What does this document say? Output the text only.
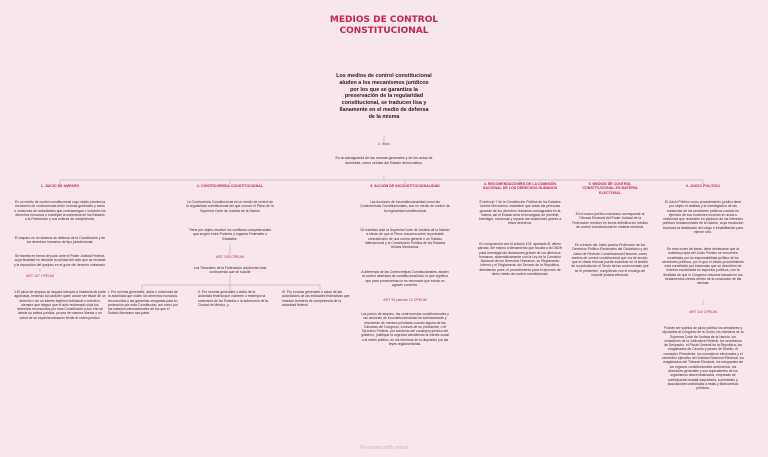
MEDIOS DE CONTROL CONSTITUCIONAL
Los medios de control constitucional aluden a los mecanismos jurídicos por los que se garantiza la preservación de la regularidad constitucional, se traducen lisa y llanamente en el medio de defensa de la misma
2. Inicio
En la salvaguarda de las normas generales y de los actos de autoridad, como células del Estado democrático.
1. JUICIO DE AMPARO	2. CONTROVERSIA CONSTITUCIONAL	3. ACCIÓN DE INCONSTITUCIONALIDAD	4. RECOMENDACIONES DE LA COMISIÓN NACIONAL DE LOS DERECHOS HUMANOS
5. MEDIOS DE CONTROL CONSTITUCIONAL EN MATERIA ELECTORAL
6. JUICIO POLITICO
Es un medio de control constitucional cuyo objeto plantea la resolución de controversias entre normas generales y actos u omisiones de autoridades que contravengan o vulneren los derechos humanos o restrinjan la soberanía de los Estados o la Federación y sus esferas de competencia.
El amparo es un sistema de defensa de la Constitución y de los derechos humanos de tipo jurisdiccional.
Se tramita en forma de juicio ante el Poder Judicial Federal, cuya finalidad es declarar la nulidad del acto que se reclama y la reposición del quejoso en el goce del derecho vulnerado.
ART 107 CPEUM
1.El juicio de amparo se seguirá siempre a instancia de parte agraviada, teniendo tal carácter quien aduce ser titular de un derecho o de un interés legítimo individual o colectivo, siempre que alegue que el acto reclamado viola los derechos reconocidos por esta Constitución y con ello se afecte su esfera jurídica, ya sea de manera directa o en virtud de su especial situación frente al orden jurídico.
La Controversia Constitucional es un medio de control de la regularidad constitucional del que conoce el Pleno de la Suprema Corte de Justicia de la Nación
Tiene por objeto resolver los conflictos competenciales que surgen entre Poderes y órganos Federales o Estatales.
ART 105 CPEUM
Los Tribunales de la Federación resolverán toda controversia que se suscite
I. Por normas generales, actos u omisiones de la autoridad que violen los derechos humanos reconocidos y las garantías otorgadas para su protección por esta Constitución, así como por los tratados internacionales de los que el Estado Mexicano sea parte.
II. Por normas generales o actos de la autoridad federal que vulneren o restrinjan la soberanía de los Estados o la autonomía de la Ciudad de México, y
III. Por normas generales o actos de las autoridades de las entidades federativas que invadan la esfera de competencia de la autoridad federal.
Las Acciones de Inconstitucionalidad como las Controversias Constitucionales, son un medio de control de la regularidad constitucional
Se tramitan ante la Suprema Corte de Justicia de la Nación a efecto de que el Pleno resuelva sobre la probable contradicción de una norma general o un Tratado Internacional y la Constitución Política de los Estados Unidos Mexicanos.
A diferencia de las Controversias Constitucionales, aluden al control abstracto de constitucionalidad, lo que significa que para promoverlas no es necesario que exista un agravio concreto.
ART 94 párrafo 10 CPEUM
Los juicios de amparo, las controversias constitucionales y las acciones de inconstitucionalidad se substanciarán y resolverán de manera prioritaria cuando alguna de las Cámaras del Congreso, a través de su presidente, o el Ejecutivo Federal, por conducto del consejero jurídico del gobierno, justifique la urgencia atendiendo al interés social o al orden público, en los términos de lo dispuesto por las leyes reglamentarias.
El artículo 7 de la Constitución Política de los Estados Unidos Mexicanos, establece que todas las personas gozarán de los derechos humanos consagrados en la misma, así el Estado será el encargado de prevenir, investigar, sancionar y reparar las violaciones graves a estos derechos.
En congruencia con el artículo 102, apartado B, último párrafo, del mismo ordenamiento que faculta a la CNDH para investigar las violaciones graves de los derechos humanos, sistemáticamente con la Ley de la Comisión Nacional de los Derechos Humanos, su Reglamento Interno y el Reglamento del Senado de la República, atendiendo pues, el procedimiento para el ejercicio de dicho medio de control constitucional.
En el marco jurídico mexicano corresponde al Tribunal Electoral del Poder Judicial de la Federación resolver en forma definitiva los medios de control constitucional en materia electoral.
Es a través del Juicio para la Protección de los Derechos Político-Electorales del Ciudadano y del Juicio de Revisión Constitucional Electoral, como medios de control constitucional que vía de acción, que el citado tribunal puede examinar en el ámbito de su jurisdicción el Tercio de las controversias que se le presenten, cumpliendo con el encargo de impartir justicia electoral.
El Juicio Político como procedimiento jurídico tiene por objeto el análisis y la investigación de las conductas de los servidores públicos cuando en ejercicio de sus funciones incurran en actos u omisiones que redunden en perjuicio de los intereses públicos fundamentales de la Nación, cuya resolución involucra la destitución del cargo e inhabilitación para ejercer otro.
En este orden de ideas, debe destacarse que la materia propia del Juicio Político se encuentra constituida por la responsabilidad política de los servidores públicos, por lo que el citado procedimiento está constituido por instancias que se describen de manera escalonada es aspectos políticos, con la finalidad de que el Congreso resuelva basado en los fundamentos ciertos dentro de la conclusión de las mismas.
ART 110 CPEUM
Podrán ser sujetos de juicio político los senadores y diputados al Congreso de la Unión, los ministros de la Suprema Corte de Justicia de la Nación, los consejeros de la Judicatura Federal, los secretarios de Despacho, el Fiscal General de la República, los magistrados de Circuito y jueces de Distrito, el consejero Presidente, los consejeros electorales y el secretario ejecutivo del Instituto Nacional Electoral, los magistrados del Tribunal Electoral, los integrantes de los órganos constitucionales autónomos, los directores generales y sus equivalentes de los organismos descentralizados, empresas de participación estatal mayoritaria, sociedades y asociaciones asimiladas a éstas y fideicomisos públicos.
Presented with xmind
